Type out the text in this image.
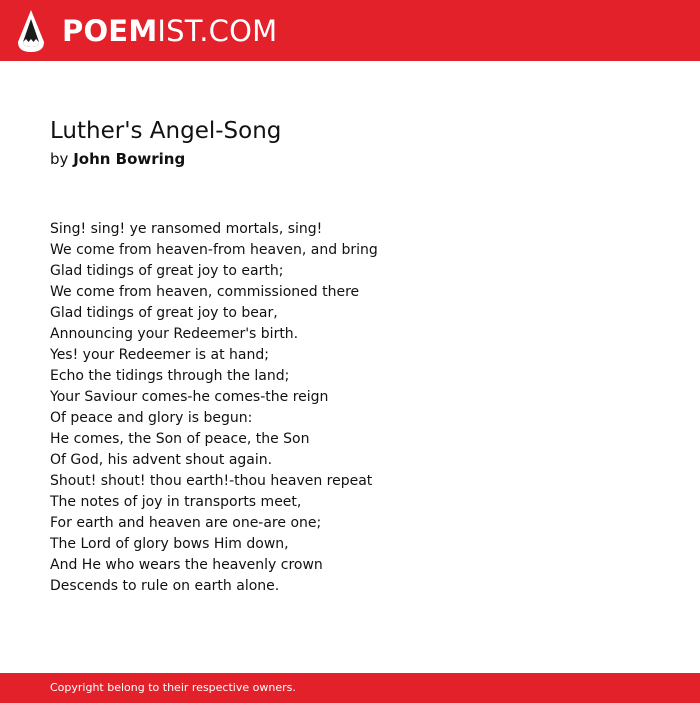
POEMIST.COM
Luther's Angel-Song
by John Bowring
Sing! sing! ye ransomed mortals, sing!
We come from heaven-from heaven, and bring
Glad tidings of great joy to earth;
We come from heaven, commissioned there
Glad tidings of great joy to bear,
Announcing your Redeemer's birth.
Yes! your Redeemer is at hand;
Echo the tidings through the land;
Your Saviour comes-he comes-the reign
Of peace and glory is begun:
He comes, the Son of peace, the Son
Of God, his advent shout again.
Shout! shout! thou earth!-thou heaven repeat
The notes of joy in transports meet,
For earth and heaven are one-are one;
The Lord of glory bows Him down,
And He who wears the heavenly crown
Descends to rule on earth alone.
Copyright belong to their respective owners.
